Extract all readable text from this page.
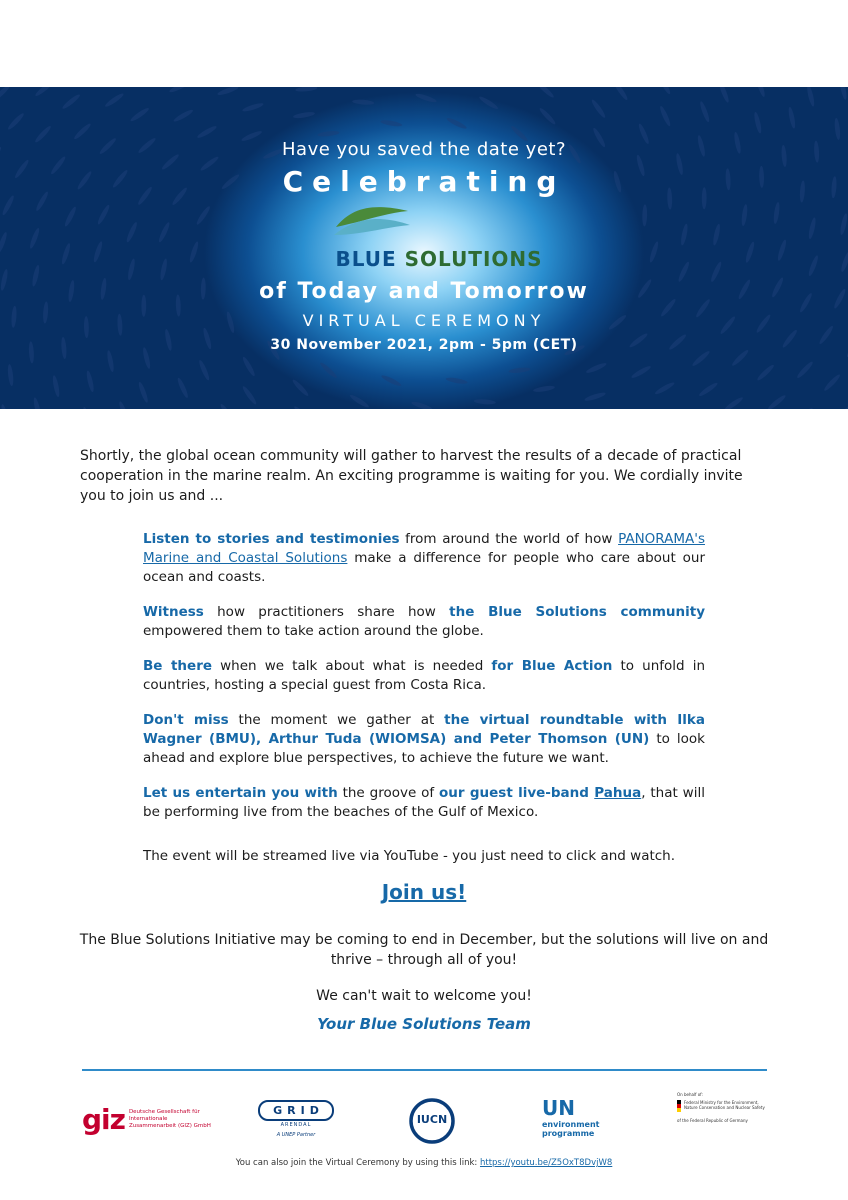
Have you saved the date yet?
Celebrating
BLUE SOLUTIONS
of Today and Tomorrow
VIRTUAL CEREMONY
30 November 2021, 2pm - 5pm (CET)
Shortly, the global ocean community will gather to harvest the results of a decade of practical cooperation in the marine realm. An exciting programme is waiting for you. We cordially invite you to join us and ...

Listen to stories and testimonies from around the world of how PANORAMA's Marine and Coastal Solutions make a difference for people who care about our ocean and coasts.

Witness how practitioners share how the Blue Solutions community empowered them to take action around the globe.

Be there when we talk about what is needed for Blue Action to unfold in countries, hosting a special guest from Costa Rica.

Don't miss the moment we gather at the virtual roundtable with Ilka Wagner (BMU), Arthur Tuda (WIOMSA) and Peter Thomson (UN) to look ahead and explore blue perspectives, to achieve the future we want.

Let us entertain you with the groove of our guest live-band Pahua, that will be performing live from the beaches of the Gulf of Mexico.

The event will be streamed live via YouTube - you just need to click and watch.
Join us!
The Blue Solutions Initiative may be coming to end in December, but the solutions will live on and thrive – through all of you!
We can't wait to welcome you!
Your Blue Solutions Team
giz Deutsche Gesellschaft für Internationale Zusammenarbeit (GIZ) GmbH
GRID
ARENDAL
A UNEP Partner
IUCN	UN
environment programme
On behalf of:
Federal Ministry for the Environment, Nature Conservation and Nuclear Safety
of the Federal Republic of Germany
You can also join the Virtual Ceremony by using this link: https://youtu.be/Z5OxT8DvjW8
